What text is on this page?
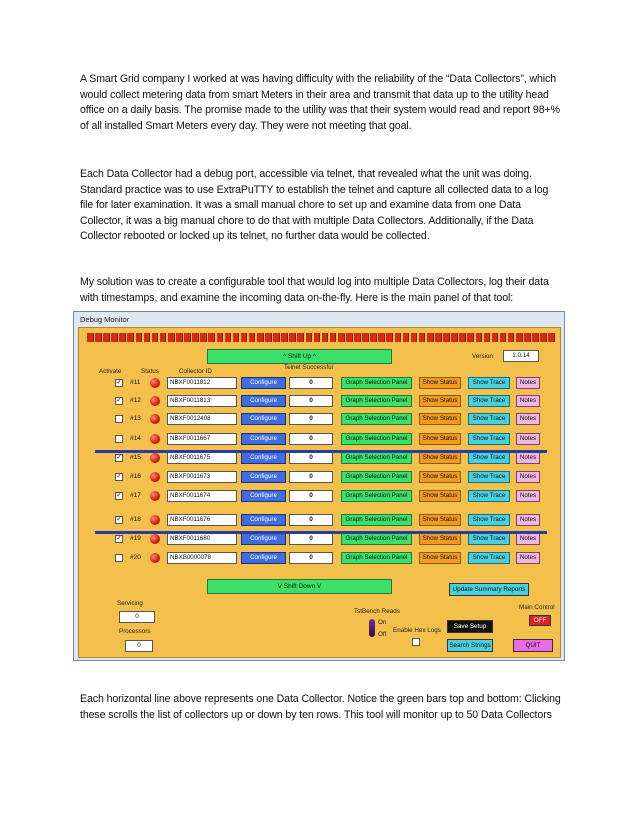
A Smart Grid company I worked at was having difficulty with the reliability of the “Data Collectors”, which would collect metering data from smart Meters in their area and transmit that data up to the utility head office on a daily basis. The promise made to the utility was that their system would read and report 98+% of all installed Smart Meters every day. They were not meeting that goal.

Each Data Collector had a debug port, accessible via telnet, that revealed what the unit was doing. Standard practice was to use ExtraPuTTY to establish the telnet and capture all collected data to a log file for later examination. It was a small manual chore to set up and examine data from one Data Collector, it was a big manual chore to do that with multiple Data Collectors. Additionally, if the Data Collector rebooted or locked up its telnet, no further data would be collected.

My solution was to create a configurable tool that would log into multiple Data Collectors, log their data with timestamps, and examine the incoming data on-the-fly. Here is the main panel of that tool:

Debug Monitor
^ Shift Up ^	Version	1.0.14
Activate	Status	Collector ID
Telnet Successful
✓ #11	NBXF0011812	Configure	0	Graph Selection Panel	Show Status	Show Trace	Notes
✓ #12	NBXF0011813	Configure	0	Graph Selection Panel	Show Status	Show Trace	Notes
#13	NBXF0012408	Configure	0	Graph Selection Panel	Show Status	Show Trace	Notes
#14	NBXF0011667	Configure	0	Graph Selection Panel	Show Status	Show Trace	Notes
✓ #15	NBXF0011675	Configure	0	Graph Selection Panel	Show Status	Show Trace	Notes
✓ #16	NBXF0011673	Configure	0	Graph Selection Panel	Show Status	Show Trace	Notes
✓ #17	NBXF0011674	Configure	0	Graph Selection Panel	Show Status	Show Trace	Notes
✓ #18	NBXF0011676	Configure	0	Graph Selection Panel	Show Status	Show Trace	Notes
✓ #19	NBXF0011680	Configure	0	Graph Selection Panel	Show Status	Show Trace	Notes
#20	NBXB0000078	Configure	0	Graph Selection Panel	Show Status	Show Trace	Notes
V Shift Down V	Update Summary Reports
Servicing
0
Processors
0
Main Control
OFF
TstBench Reads
On
Off
Enable Hex Logs
Save Setup
Search Strings	QUIT

Each horizontal line above represents one Data Collector. Notice the green bars top and bottom: Clicking these scrolls the list of collectors up or down by ten rows. This tool will monitor up to 50 Data Collectors
